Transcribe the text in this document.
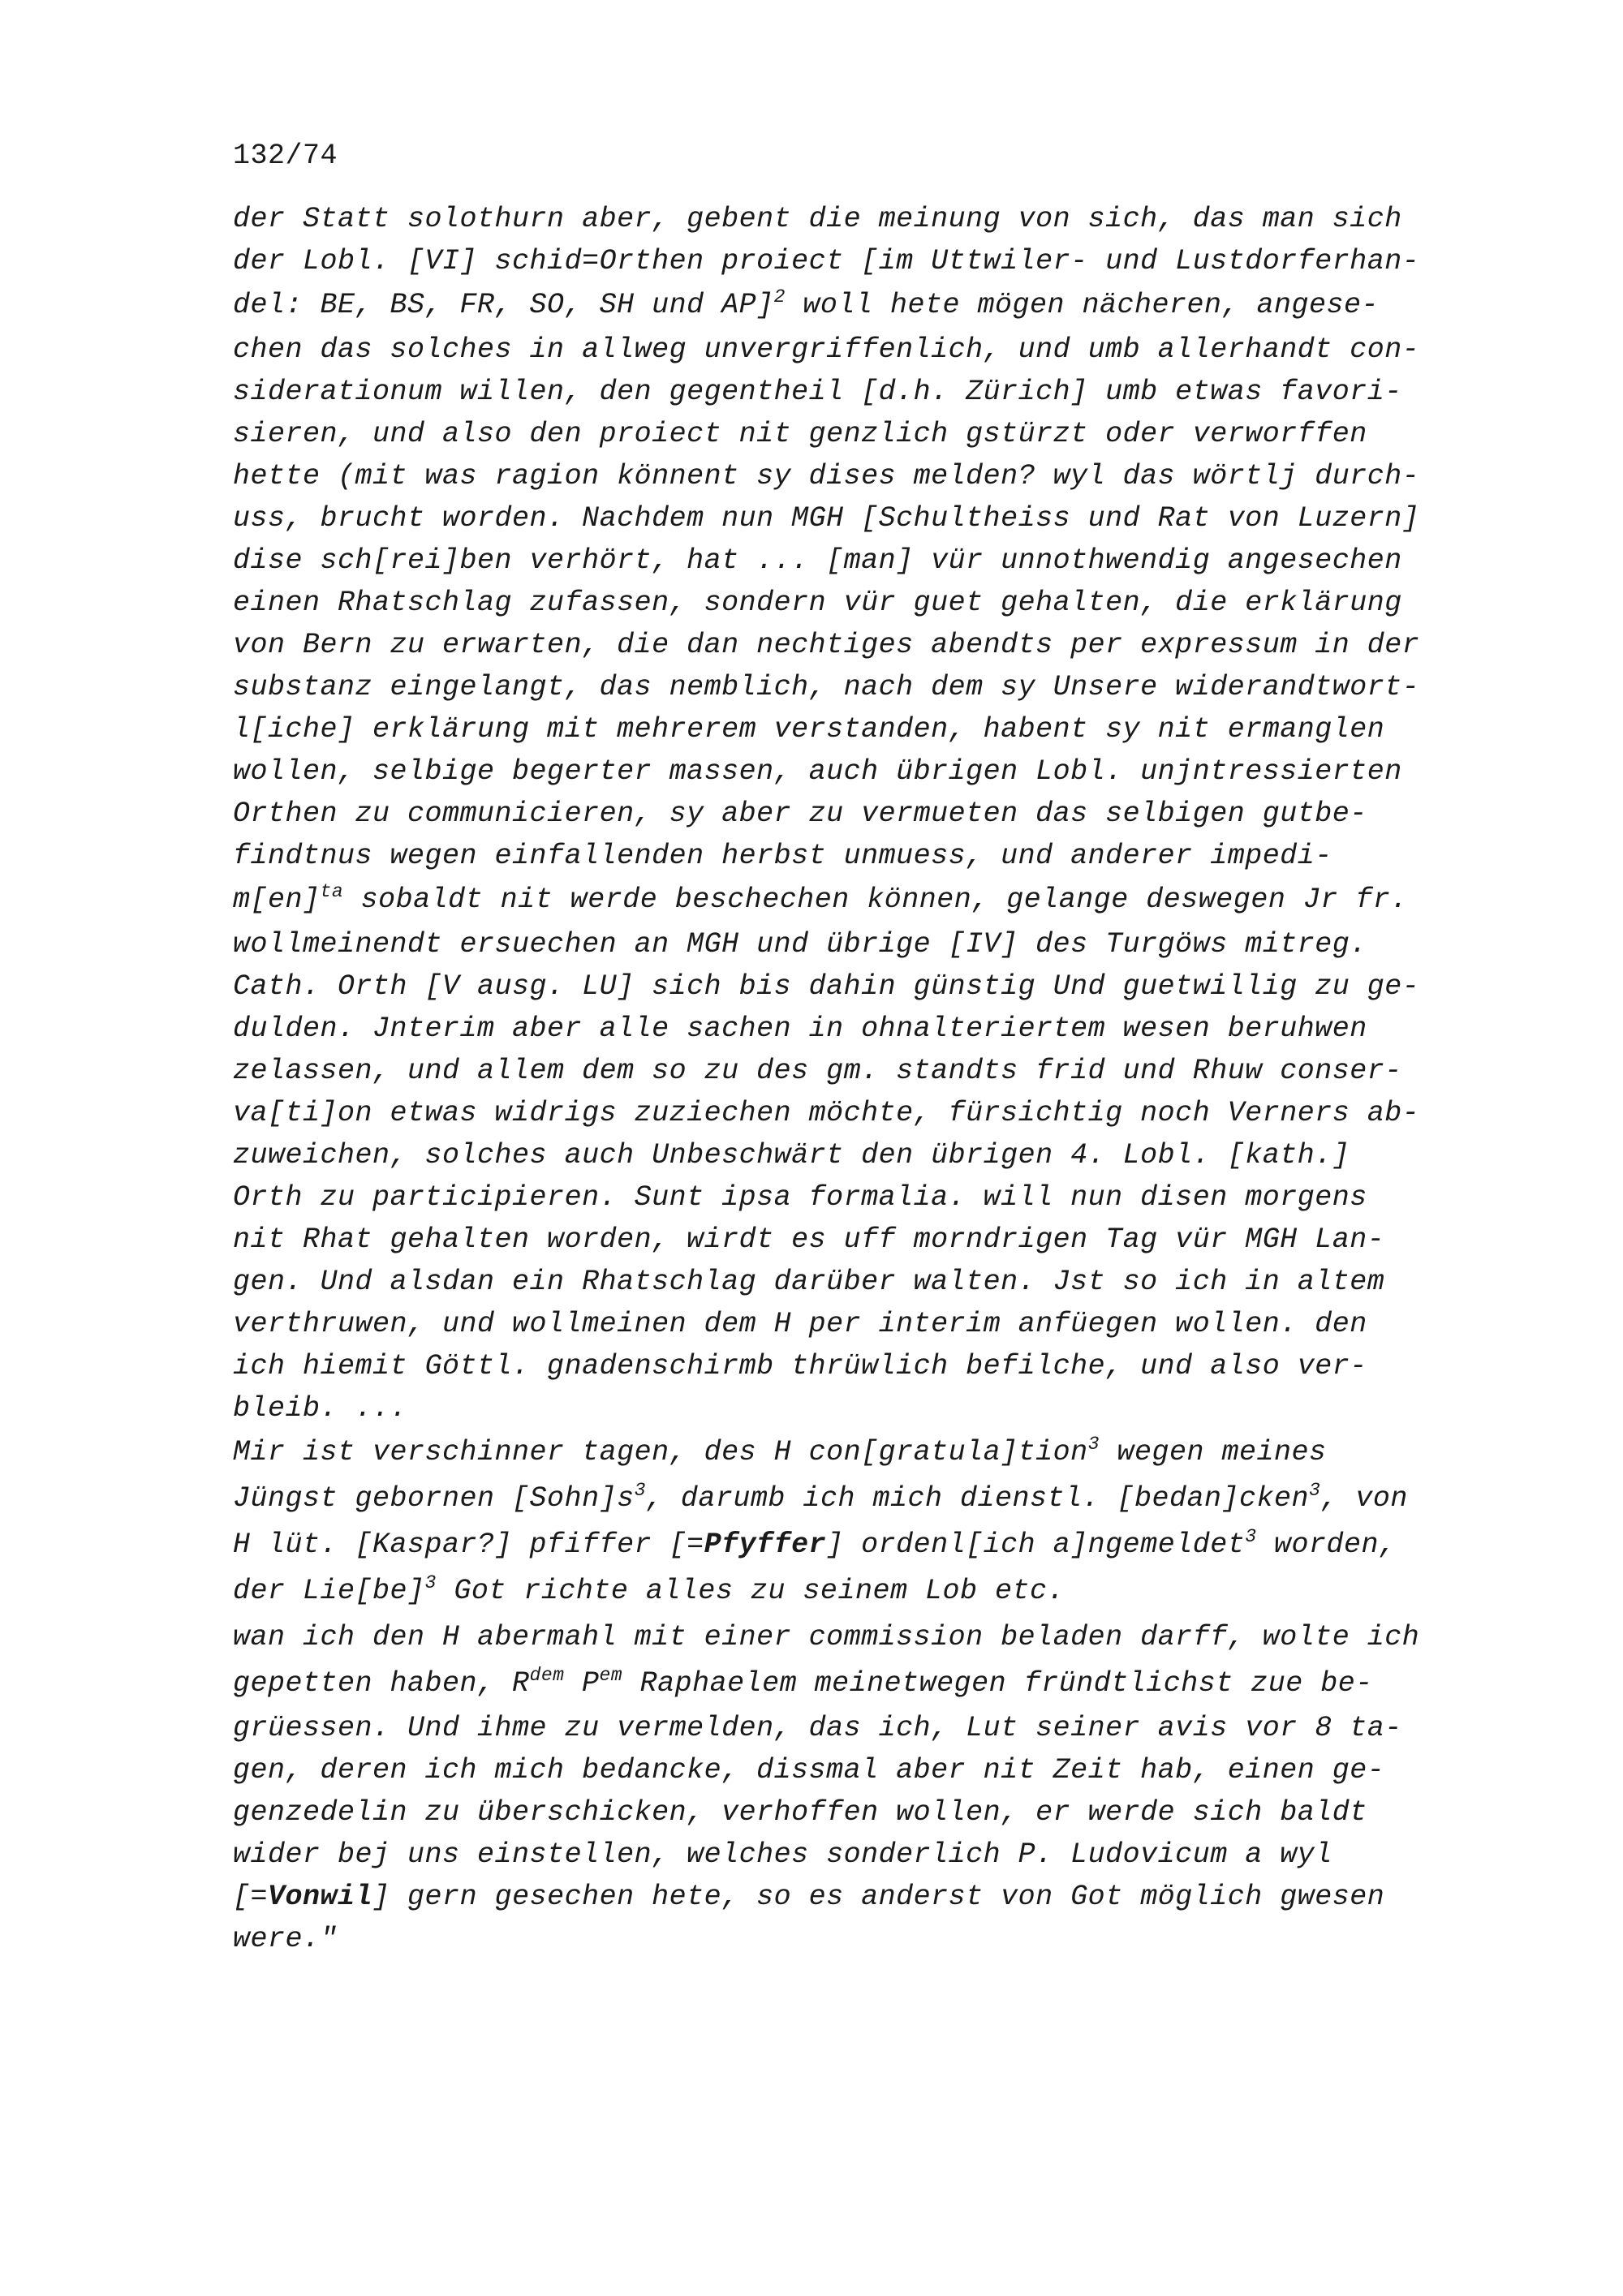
132/74
der Statt solothurn aber, gebent die meinung von sich, das man sich
der Lobl. [VI] schid=Orthen proiect [im Uttwiler- und Lustdorferhan-
del: BE, BS, FR, SO, SH und AP]$^2$ woll hete mögen nächeren, angese-
chen das solches in allweg unvergriffenlich, und umb allerhandt con-
siderationum willen, den gegentheil [d.h. Zürich] umb etwas favori-
sieren, und also den proiect nit genzlich gstürzt oder verworffen
hette (mit was ragion könnent sy dises melden? wyl das wörtlj durch-
uss, brucht worden. Nachdem nun MGH [Schultheiss und Rat von Luzern]
dise sch[rei]ben verhört, hat ... [man] vür unnothwendig angesechen
einen Rhatschlag zufassen, sondern vür guet gehalten, die erklärung
von Bern zu erwarten, die dan nechtiges abendts per expressum in der
substanz eingelangt, das nemblich, nach dem sy Unsere widerandtwort-
l[iche] erklärung mit mehrerem verstanden, habent sy nit ermanglen
wollen, selbige begerter massen, auch übrigen Lobl. unjntressierten
Orthen zu communicieren, sy aber zu vermueten das selbigen gutbe-
findtnus wegen einfallenden herbst unmuess, und anderer impedi-
m[en]$^{ta}$ sobaldt nit werde beschechen können, gelange deswegen Jr fr.
wollmeinendt ersuechen an MGH und übrige [IV] des Turgöws mitreg.
Cath. Orth [V ausg. LU] sich bis dahin günstig Und guetwillig zu ge-
dulden. Jnterim aber alle sachen in ohnalteriertem wesen beruhwen
zelassen, und allem dem so zu des gm. standts frid und Rhuw conser-
va[ti]on etwas widrigs zuziechen möchte, fürsichtig noch Verners ab-
zuweichen, solches auch Unbeschwärt den übrigen 4. Lobl. [kath.]
Orth zu participieren. Sunt ipsa formalia. will nun disen morgens
nit Rhat gehalten worden, wirdt es uff morndrigen Tag vür MGH Lan-
gen. Und alsdan ein Rhatschlag darüber walten. Jst so ich in altem
verthruwen, und wollmeinen dem H per interim anfüegen wollen. den
ich hiemit Göttl. gnadenschirmb thrüwlich befilche, und also ver-
bleib. ...
Mir ist verschinner tagen, des H con[gratula]tion$^3$ wegen meines
Jüngst gebornen $[Sohn]s^3$, darumb ich mich dienstl. [bedan]cken$^3$, von
H lüt. [Kaspar?] pfiffer [=Pfyffer] ordenl[ich a]ngemeldet$^3$ worden,
der Lie[be]$^3$ Got richte alles zu seinem Lob etc.
wan ich den H abermahl mit einer commission beladen darff, wolte ich
gepetten haben, $R^{dem}$ $P^{em}$ Raphaelem meinetwegen fründtlichst zue be-
grüessen. Und ihme zu vermelden, das ich, Lut seiner avis vor 8 ta-
gen, deren ich mich bedancke, dissmal aber nit Zeit hab, einen ge-
genzedelin zu überschicken, verhoffen wollen, er werde sich baldt
wider bej uns einstellen, welches sonderlich P. Ludovicum a wyl
[=Vonwil] gern gesechen hete, so es anderst von Got möglich gwesen
were."
